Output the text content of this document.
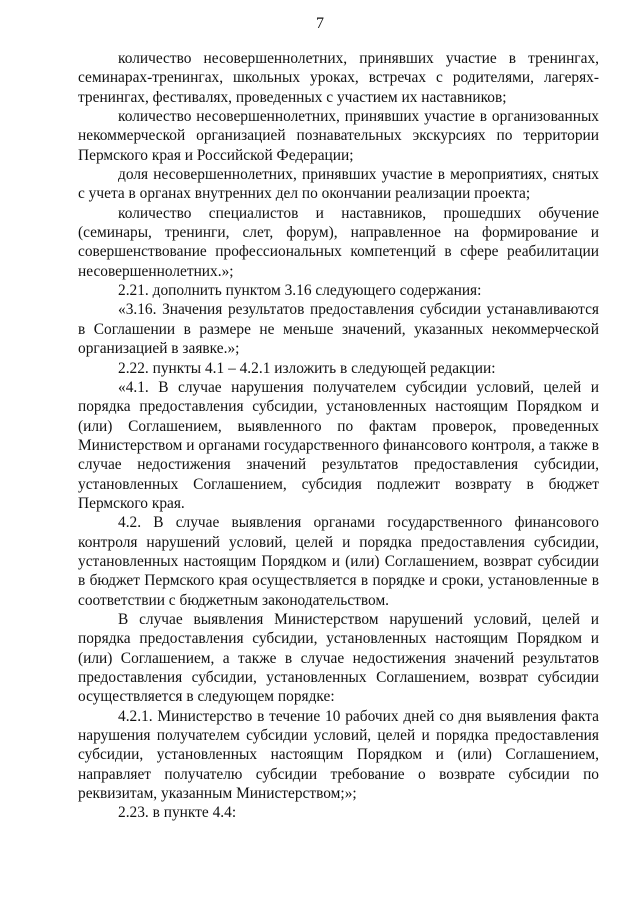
7

количество несовершеннолетних, принявших участие в тренингах, семинарах-тренингах, школьных уроках, встречах с родителями, лагерях-тренингах, фестивалях, проведенных с участием их наставников;

количество несовершеннолетних, принявших участие в организованных некоммерческой организацией познавательных экскурсиях по территории Пермского края и Российской Федерации;

доля несовершеннолетних, принявших участие в мероприятиях, снятых с учета в органах внутренних дел по окончании реализации проекта;

количество специалистов и наставников, прошедших обучение (семинары, тренинги, слет, форум), направленное на формирование и совершенствование профессиональных компетенций в сфере реабилитации несовершеннолетних.»;

2.21. дополнить пунктом 3.16 следующего содержания:

«3.16. Значения результатов предоставления субсидии устанавливаются в Соглашении в размере не меньше значений, указанных некоммерческой организацией в заявке.»;

2.22. пункты 4.1 – 4.2.1 изложить в следующей редакции:

«4.1. В случае нарушения получателем субсидии условий, целей и порядка предоставления субсидии, установленных настоящим Порядком и (или) Соглашением, выявленного по фактам проверок, проведенных Министерством и органами государственного финансового контроля, а также в случае недостижения значений результатов предоставления субсидии, установленных Соглашением, субсидия подлежит возврату в бюджет Пермского края.

4.2. В случае выявления органами государственного финансового контроля нарушений условий, целей и порядка предоставления субсидии, установленных настоящим Порядком и (или) Соглашением, возврат субсидии в бюджет Пермского края осуществляется в порядке и сроки, установленные в соответствии с бюджетным законодательством.

В случае выявления Министерством нарушений условий, целей и порядка предоставления субсидии, установленных настоящим Порядком и (или) Соглашением, а также в случае недостижения значений результатов предоставления субсидии, установленных Соглашением, возврат субсидии осуществляется в следующем порядке:

4.2.1. Министерство в течение 10 рабочих дней со дня выявления факта нарушения получателем субсидии условий, целей и порядка предоставления субсидии, установленных настоящим Порядком и (или) Соглашением, направляет получателю субсидии требование о возврате субсидии по реквизитам, указанным Министерством;»;

2.23. в пункте 4.4:
